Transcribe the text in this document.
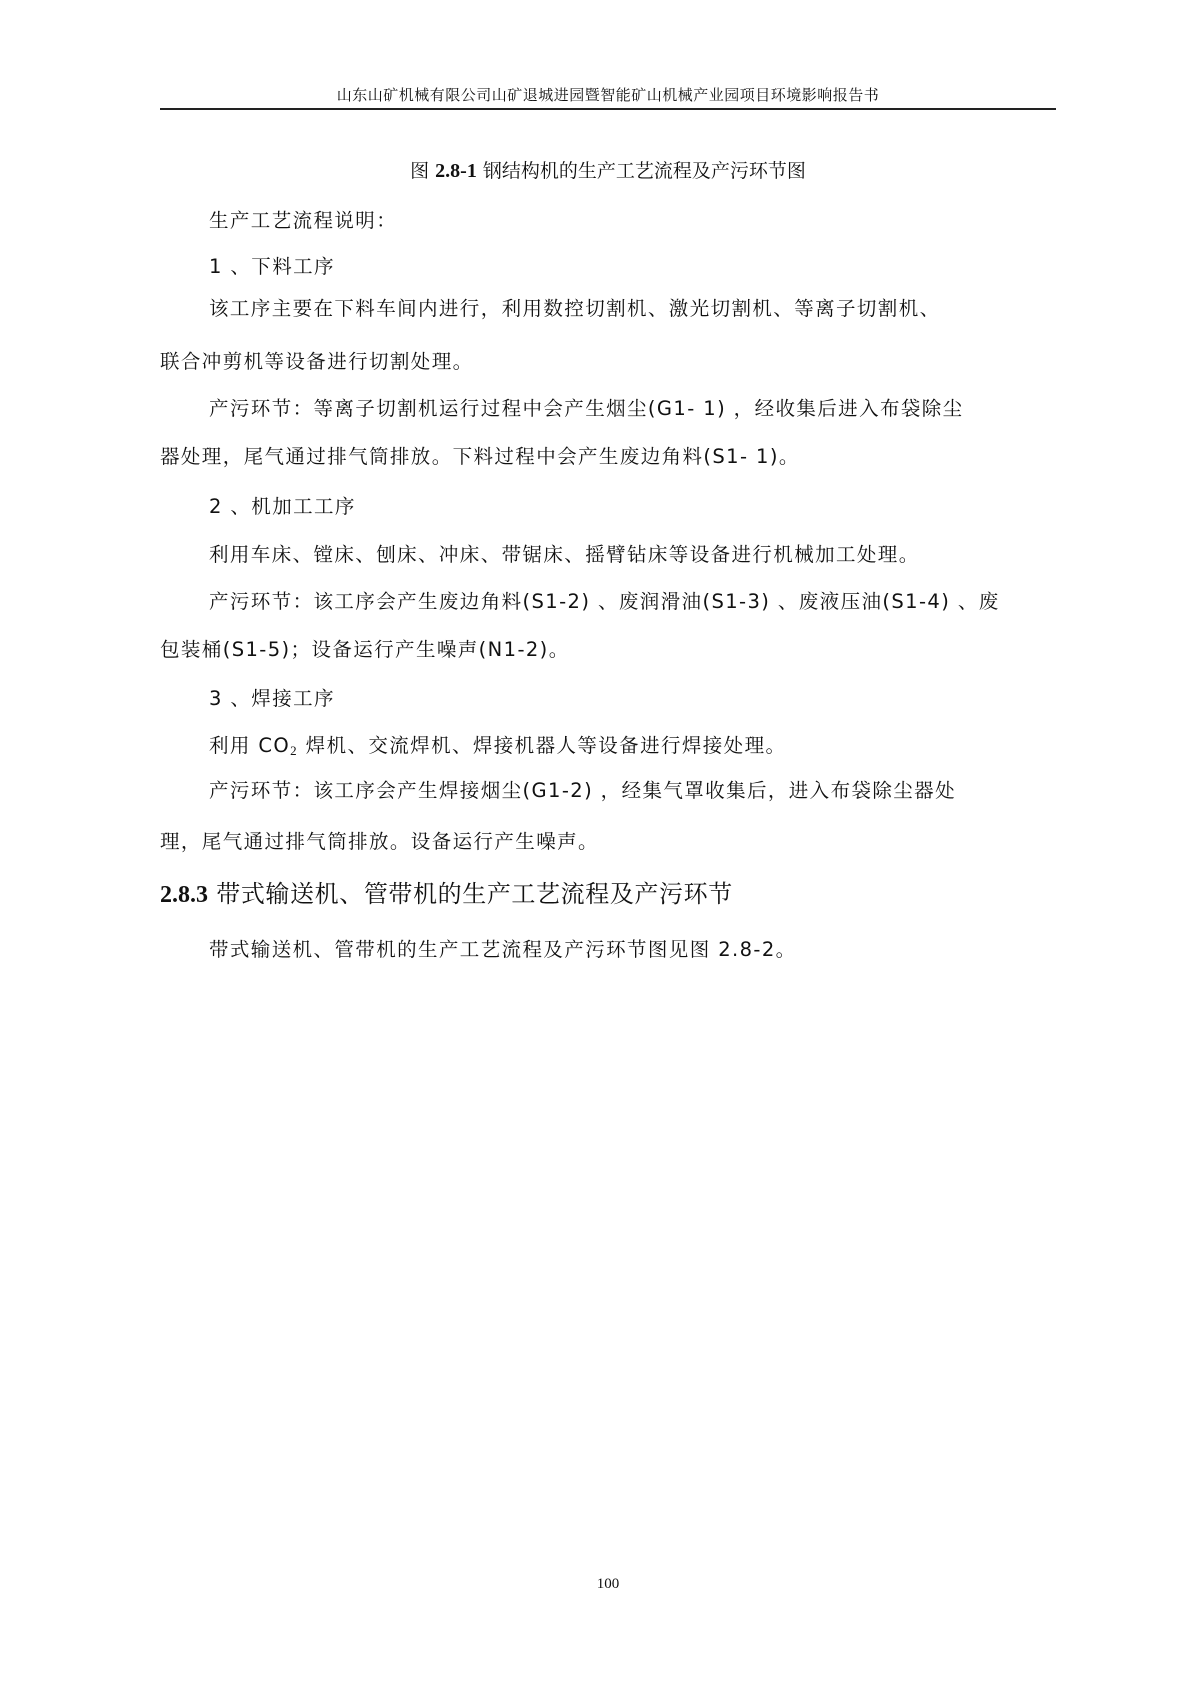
山东山矿机械有限公司山矿退城进园暨智能矿山机械产业园项目环境影响报告书
图 2.8-1 钢结构机的生产工艺流程及产污环节图
生产工艺流程说明：
1 、下料工序
该工序主要在下料车间内进行，利用数控切割机、激光切割机、等离子切割机、
联合冲剪机等设备进行切割处理。
产污环节：等离子切割机运行过程中会产生烟尘(G1- 1) ，经收集后进入布袋除尘
器处理，尾气通过排气筒排放。下料过程中会产生废边角料(S1- 1)。
2 、机加工工序
利用车床、镗床、刨床、冲床、带锯床、摇臂钻床等设备进行机械加工处理。
产污环节：该工序会产生废边角料(S1-2) 、废润滑油(S1-3) 、废液压油(S1-4) 、废
包装桶(S1-5)；设备运行产生噪声(N1-2)。
3 、焊接工序
利用 $CO_2$ 焊机、交流焊机、焊接机器人等设备进行焊接处理。
产污环节：该工序会产生焊接烟尘(G1-2) ，经集气罩收集后，进入布袋除尘器处
理，尾气通过排气筒排放。设备运行产生噪声。
2.8.3 带式输送机、管带机的生产工艺流程及产污环节
带式输送机、管带机的生产工艺流程及产污环节图见图 2.8-2。
100
